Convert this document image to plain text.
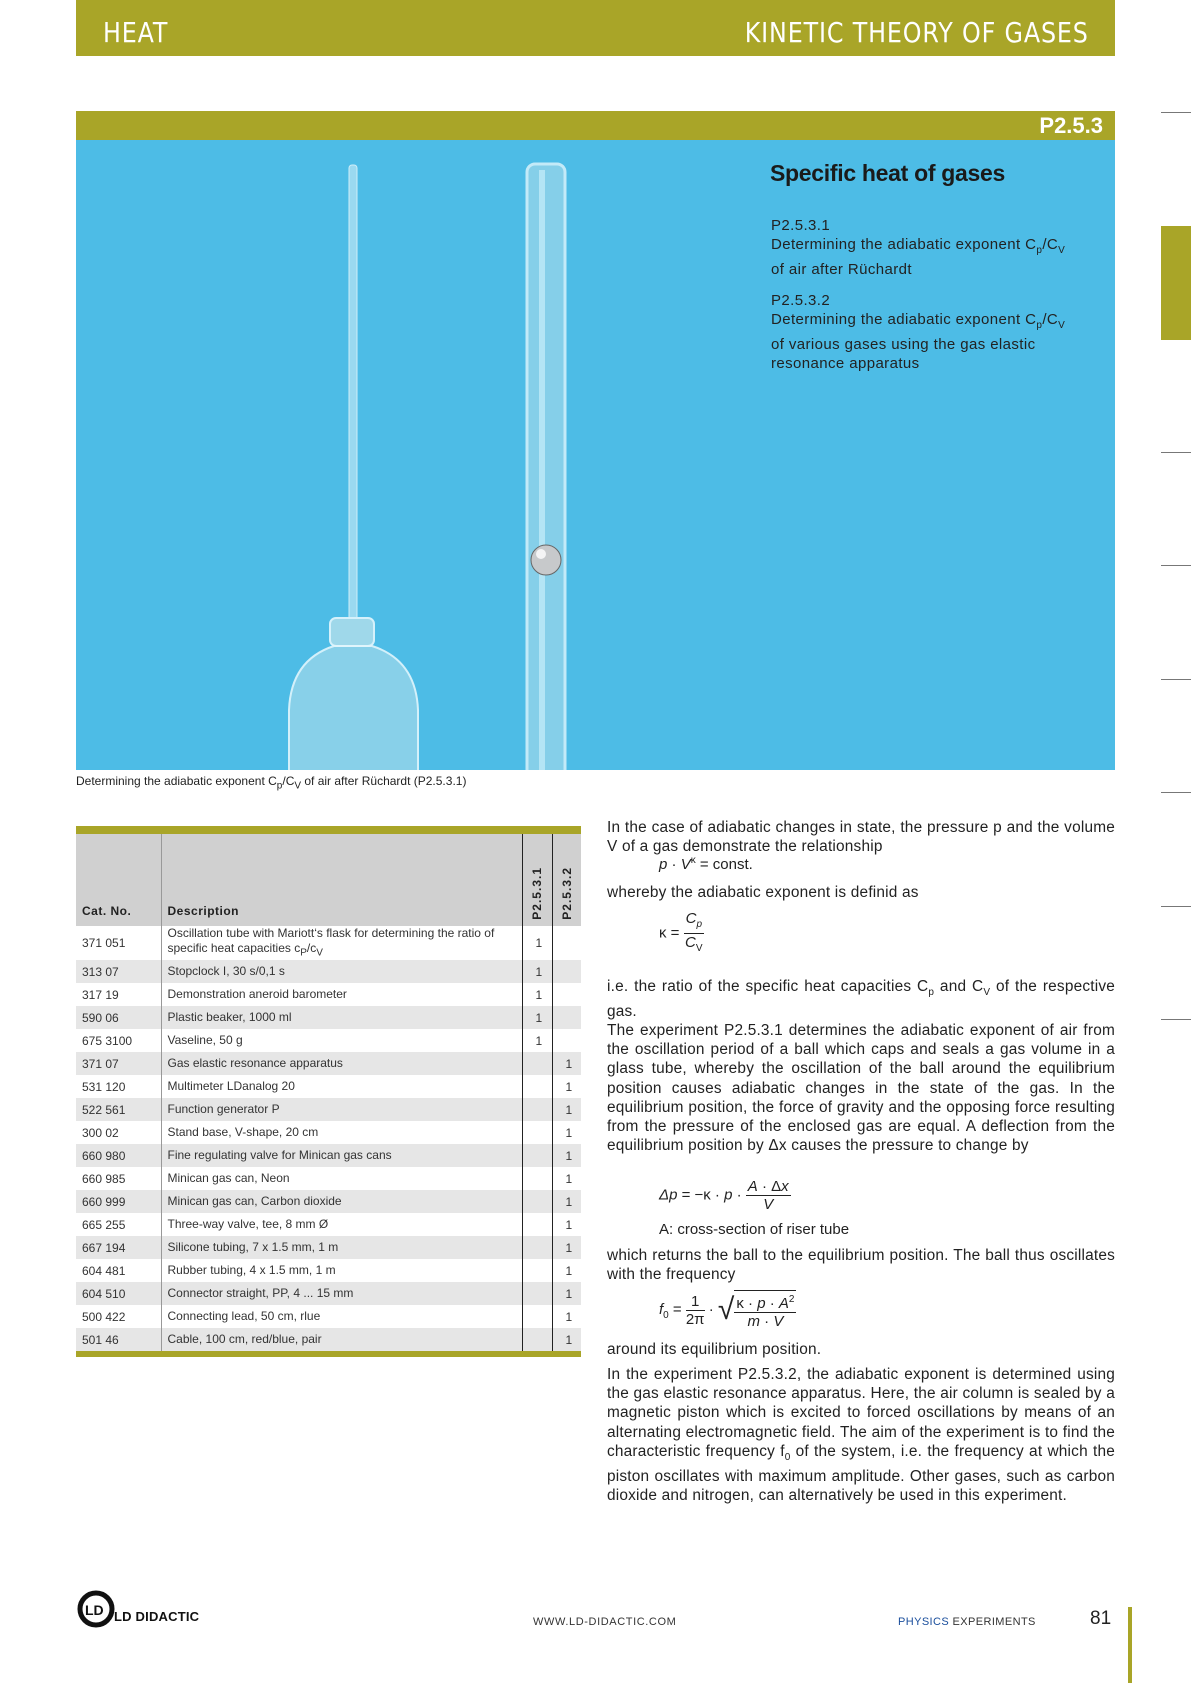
HEAT	KINETIC THEORY OF GASES
P2.5.3
Specific heat of gases
P2.5.3.1
Determining the adiabatic exponent $C_p/C_V$
of air after Rüchardt
P2.5.3.2
Determining the adiabatic exponent $C_p/C_V$
of various gases using the gas elastic resonance apparatus
Determining the adiabatic exponent $C_p/C_V$ of air after Rüchardt (P2.5.3.1)
Cat. No.	Description	P2.5.3.1	P2.5.3.2

371 051	Oscillation tube with Mariott‘s flask for determining the ratio of specific heat capacities $c_P/c_V$	1	
313 07	Stopclock I, 30 s/0,1 s	1	
317 19	Demonstration aneroid barometer	1	
590 06	Plastic beaker, 1000 ml	1	
675 3100	Vaseline, 50 g	1	
371 07	Gas elastic resonance apparatus		1
531 120	Multimeter LDanalog 20		1
522 561	Function generator P		1
300 02	Stand base, V-shape, 20 cm		1
660 980	Fine regulating valve for Minican gas cans		1
660 985	Minican gas can, Neon		1
660 999	Minican gas can, Carbon dioxide		1
665 255	Three-way valve, tee, 8 mm Ø		1
667 194	Silicone tubing, 7 x 1.5 mm, 1 m		1
604 481	Rubber tubing, 4 x 1.5 mm, 1 m		1
604 510	Connector straight, PP, 4 ... 15 mm		1
500 422	Connecting lead, 50 cm, rlue		1
501 46	Cable, 100 cm, red/blue, pair		1
In the case of adiabatic changes in state, the pressure p and the volume V of a gas demonstrate the relationship
$p \cdot V^\kappa$ = const.
whereby the adiabatic exponent is definid as
$\kappa = \frac{C_p}{C_V}$
i.e. the ratio of the specific heat capacities $C_p$ and $C_V$ of the respective gas.
The experiment P2.5.3.1 determines the adiabatic exponent of air from the oscillation period of a ball which caps and seals a gas volume in a glass tube, whereby the oscillation of the ball around the equilibrium position causes adiabatic changes in the state of the gas. In the equilibrium position, the force of gravity and the opposing force resulting from the pressure of the enclosed gas are equal. A deflection from the equilibrium position by Δx causes the pressure to change by
$\Delta p = -\kappa \cdot p \cdot \frac{A \cdot \Delta x}{V}$
A: cross-section of riser tube
which returns the ball to the equilibrium position. The ball thus oscillates with the frequency
$f_0 = \frac{1}{2\pi}$ · √ $\frac{\kappa \cdot p \cdot A^2}{m \cdot V}$
around its equilibrium position.
In the experiment P2.5.3.2, the adiabatic exponent is determined using the gas elastic resonance apparatus. Here, the air column is sealed by a magnetic piston which is excited to forced oscillations by means of an alternating electromagnetic field. The aim of the experiment is to find the characteristic frequency $f_0$ of the system, i.e. the frequency at which the piston oscillates with maximum amplitude. Other gases, such as carbon dioxide and nitrogen, can alternatively be used in this experiment.
LD LD DIDACTIC	WWW.LD-DIDACTIC.COM	PHYSICS EXPERIMENTS	81
